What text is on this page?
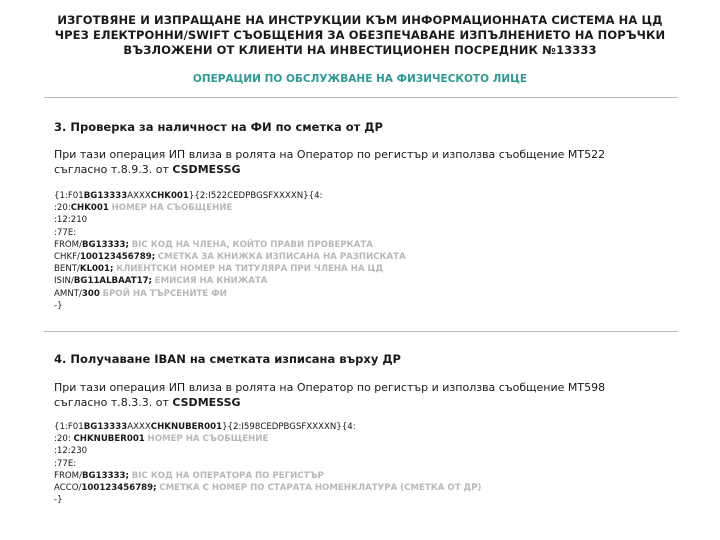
ИЗГОТВЯНЕ И ИЗПРАЩАНЕ НА ИНСТРУКЦИИ КЪМ ИНФОРМАЦИОННАТА СИСТЕМА НА ЦД
ЧРЕЗ ЕЛЕКТРОННИ/SWIFT СЪОБЩЕНИЯ ЗА ОБЕЗПЕЧАВАНЕ ИЗПЪЛНЕНИЕТО НА ПОРЪЧКИ
ВЪЗЛОЖЕНИ ОТ КЛИЕНТИ НА ИНВЕСТИЦИОНЕН ПОСРЕДНИК №13333
ОПЕРАЦИИ ПО ОБСЛУЖВАНЕ НА ФИЗИЧЕСКОТО ЛИЦЕ
3. Проверка за наличност на ФИ по сметка от ДР
При тази операция ИП влиза в ролята на Оператор по регистър и използва съобщение MT522
съгласно т.8.9.3. от CSDMESSG
{1:F01BG13333AXXXCHK001}{2:I522CEDPBGSFXXXXN}{4:
:20:CHK001 НОМЕР НА СЪОБЩЕНИЕ
:12:210
:77E:
FROM/BG13333; BIC КОД НА ЧЛЕНА, КОЙТО ПРАВИ ПРОВЕРКАТА
CHKF/100123456789; СМЕТКА ЗА КНИЖКА ИЗПИСАНА НА РАЗПИСКАТА
BENT/KL001; КЛИЕНТСКИ НОМЕР НА ТИТУЛЯРА ПРИ ЧЛЕНА НА ЦД
ISIN/BG11ALBAAT17; ЕМИСИЯ НА КНИЖАТА
AMNT/300 БРОЙ НА ТЪРСЕНИТЕ ФИ
-}
4. Получаване IBAN на сметката изписана върху ДР
При тази операция ИП влиза в ролята на Оператор по регистър и използва съобщение MT598
съгласно т.8.3.3. от CSDMESSG
{1:F01BG13333AXXXCHKNUBER001}{2:I598CEDPBGSFXXXXN}{4:
:20: CHKNUBER001 НОМЕР НА СЪОБЩЕНИЕ
:12:230
:77E:
FROM/BG13333; BIC КОД НА ОПЕРАТОРА ПО РЕГИСТЪР
ACCO/100123456789; СМЕТКА С НОМЕР ПО СТАРАТА НОМЕНКЛАТУРА (СМЕТКА ОТ ДР)
-}
